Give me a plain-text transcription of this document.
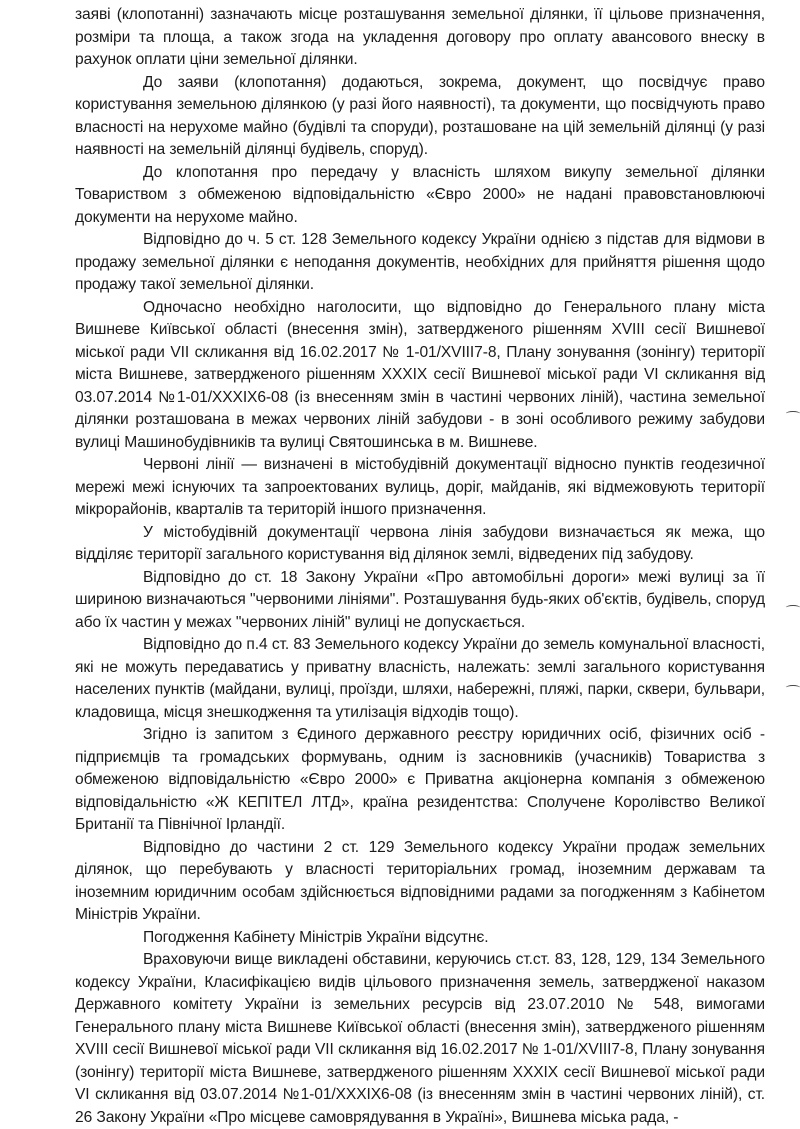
заяві (клопотанні) зазначають місце розташування земельної ділянки, її цільове призначення, розміри та площа, а також згода на укладення договору про оплату авансового внеску в рахунок оплати ціни земельної ділянки.

До заяви (клопотання) додаються, зокрема, документ, що посвідчує право користування земельною ділянкою (у разі його наявності), та документи, що посвідчують право власності на нерухоме майно (будівлі та споруди), розташоване на цій земельній ділянці (у разі наявності на земельній ділянці будівель, споруд).

До клопотання про передачу у власність шляхом викупу земельної ділянки Товариством з обмеженою відповідальністю «Євро 2000» не надані правовстановлюючі документи на нерухоме майно.

Відповідно до ч. 5 ст. 128 Земельного кодексу України однією з підстав для відмови в продажу земельної ділянки є неподання документів, необхідних для прийняття рішення щодо продажу такої земельної ділянки.

Одночасно необхідно наголосити, що відповідно до Генерального плану міста Вишневе Київської області (внесення змін), затвердженого рішенням XVIII сесії Вишневої міської ради VII скликання від 16.02.2017 № 1-01/XVIII7-8, Плану зонування (зонінгу) території міста Вишневе, затвердженого рішенням XXXIX сесії Вишневої міської ради VI скликання від 03.07.2014 №1-01/XXXIX6-08 (із внесенням змін в частині червоних ліній), частина земельної ділянки розташована в межах червоних ліній забудови - в зоні особливого режиму забудови вулиці Машинобудівників та вулиці Святошинська в м. Вишневе.

Червоні лінії — визначені в містобудівній документації відносно пунктів геодезичної мережі межі існуючих та запроектованих вулиць, доріг, майданів, які відмежовують території мікрорайонів, кварталів та територій іншого призначення.

У містобудівній документації червона лінія забудови визначається як межа, що відділяє території загального користування від ділянок землі, відведених під забудову.

Відповідно до ст. 18 Закону України «Про автомобільні дороги» межі вулиці за її шириною визначаються "червоними лініями". Розташування будь-яких об'єктів, будівель, споруд або їх частин у межах "червоних ліній" вулиці не допускається.

Відповідно до п.4 ст. 83 Земельного кодексу України до земель комунальної власності, які не можуть передаватись у приватну власність, належать: землі загального користування населених пунктів (майдани, вулиці, проїзди, шляхи, набережні, пляжі, парки, сквери, бульвари, кладовища, місця знешкодження та утилізація відходів тощо).

Згідно із запитом з Єдиного державного реєстру юридичних осіб, фізичних осіб - підприємців та громадських формувань, одним із засновників (учасників) Товариства з обмеженою відповідальністю «Євро 2000» є Приватна акціонерна компанія з обмеженою відповідальністю «Ж КЕПІТЕЛ ЛТД», країна резидентства: Сполучене Королівство Великої Британії та Північної Ірландії.

Відповідно до частини 2 ст. 129 Земельного кодексу України продаж земельних ділянок, що перебувають у власності територіальних громад, іноземним державам та іноземним юридичним особам здійснюється відповідними радами за погодженням з Кабінетом Міністрів України.

Погодження Кабінету Міністрів України відсутнє.

Враховуючи вище викладені обставини, керуючись ст.ст. 83, 128, 129, 134 Земельного кодексу України, Класифікацією видів цільового призначення земель, затвердженої наказом Державного комітету України із земельних ресурсів від 23.07.2010 № 548, вимогами Генерального плану міста Вишневе Київської області (внесення змін), затвердженого рішенням XVIII сесії Вишневої міської ради VII скликання від 16.02.2017 № 1-01/XVIII7-8, Плану зонування (зонінгу) території міста Вишневе, затвердженого рішенням XXXIX сесії Вишневої міської ради VI скликання від 03.07.2014 №1-01/XXXIX6-08 (із внесенням змін в частині червоних ліній), ст. 26 Закону України «Про місцеве самоврядування в Україні», Вишнева міська рада, -
